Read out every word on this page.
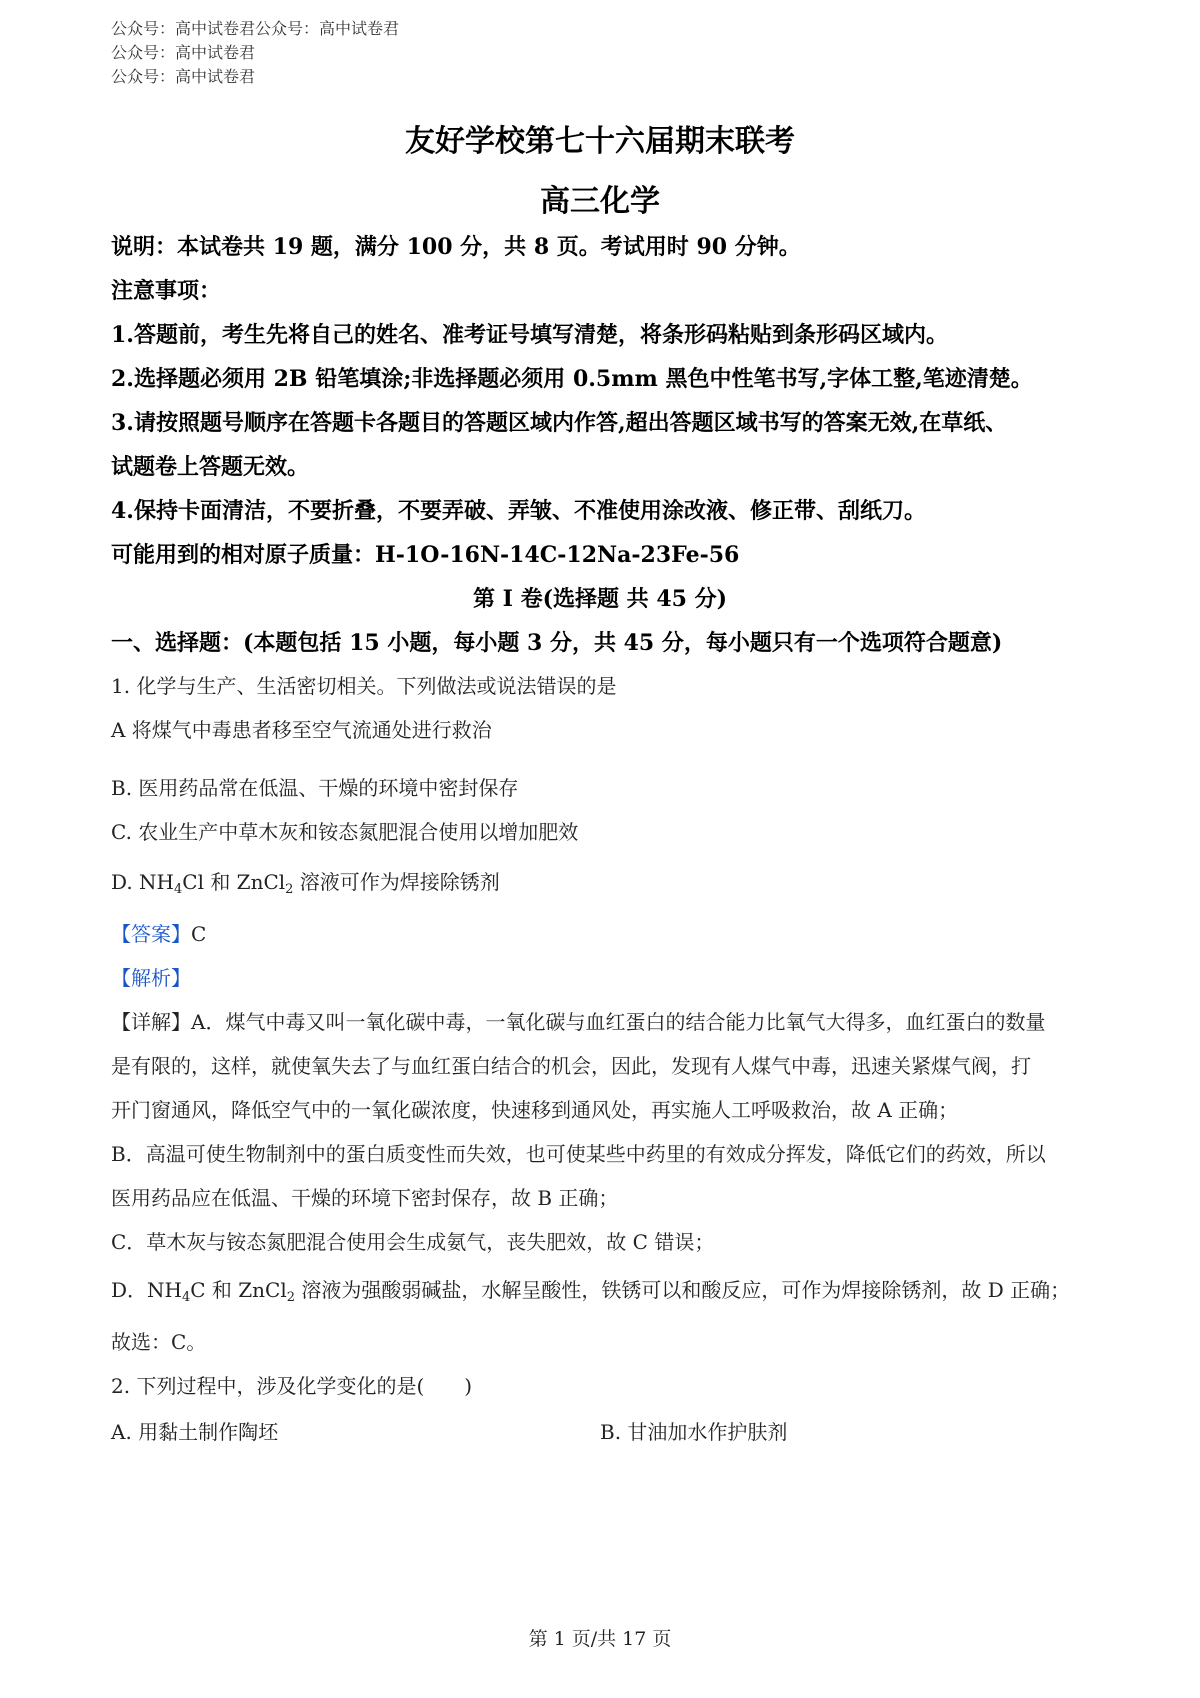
公众号：高中试卷君公众号：高中试卷君
公众号：高中试卷君
公众号：高中试卷君
友好学校第七十六届期末联考
高三化学
说明：本试卷共 19 题，满分 100 分，共 8 页。考试用时 90 分钟。
注意事项：
1.答题前，考生先将自己的姓名、准考证号填写清楚，将条形码粘贴到条形码区域内。
2.选择题必须用 2B 铅笔填涂;非选择题必须用 0.5mm 黑色中性笔书写,字体工整,笔迹清楚。
3.请按照题号顺序在答题卡各题目的答题区域内作答,超出答题区域书写的答案无效,在草纸、
试题卷上答题无效。
4.保持卡面清洁，不要折叠，不要弄破、弄皱、不准使用涂改液、修正带、刮纸刀。
可能用到的相对原子质量：H-1O-16N-14C-12Na-23Fe-56
第 I 卷(选择题 共 45 分)
一、选择题：(本题包括 15 小题，每小题 3 分，共 45 分，每小题只有一个选项符合题意)
1. 化学与生产、生活密切相关。下列做法或说法错误的是
A 将煤气中毒患者移至空气流通处进行救治
B. 医用药品常在低温、干燥的环境中密封保存
C. 农业生产中草木灰和铵态氮肥混合使用以增加肥效
D. $NH_4Cl$ 和 ZnCl$_2$ 溶液可作为焊接除锈剂
【答案】C
【解析】
【详解】A．煤气中毒又叫一氧化碳中毒，一氧化碳与血红蛋白的结合能力比氧气大得多，血红蛋白的数量
是有限的，这样，就使氧失去了与血红蛋白结合的机会，因此，发现有人煤气中毒，迅速关紧煤气阀，打
开门窗通风，降低空气中的一氧化碳浓度，快速移到通风处，再实施人工呼吸救治，故 A 正确；
B．高温可使生物制剂中的蛋白质变性而失效，也可使某些中药里的有效成分挥发，降低它们的药效，所以
医用药品应在低温、干燥的环境下密封保存，故 B 正确；
C．草木灰与铵态氮肥混合使用会生成氨气，丧失肥效，故 C 错误；
D．$NH_4C$ 和 ZnCl$_2$ 溶液为强酸弱碱盐，水解呈酸性，铁锈可以和酸反应，可作为焊接除锈剂，故 D 正确；
故选：C。
2. 下列过程中，涉及化学变化的是(　　)
A. 用黏土制作陶坯	B. 甘油加水作护肤剂
第 1 页/共 17 页
